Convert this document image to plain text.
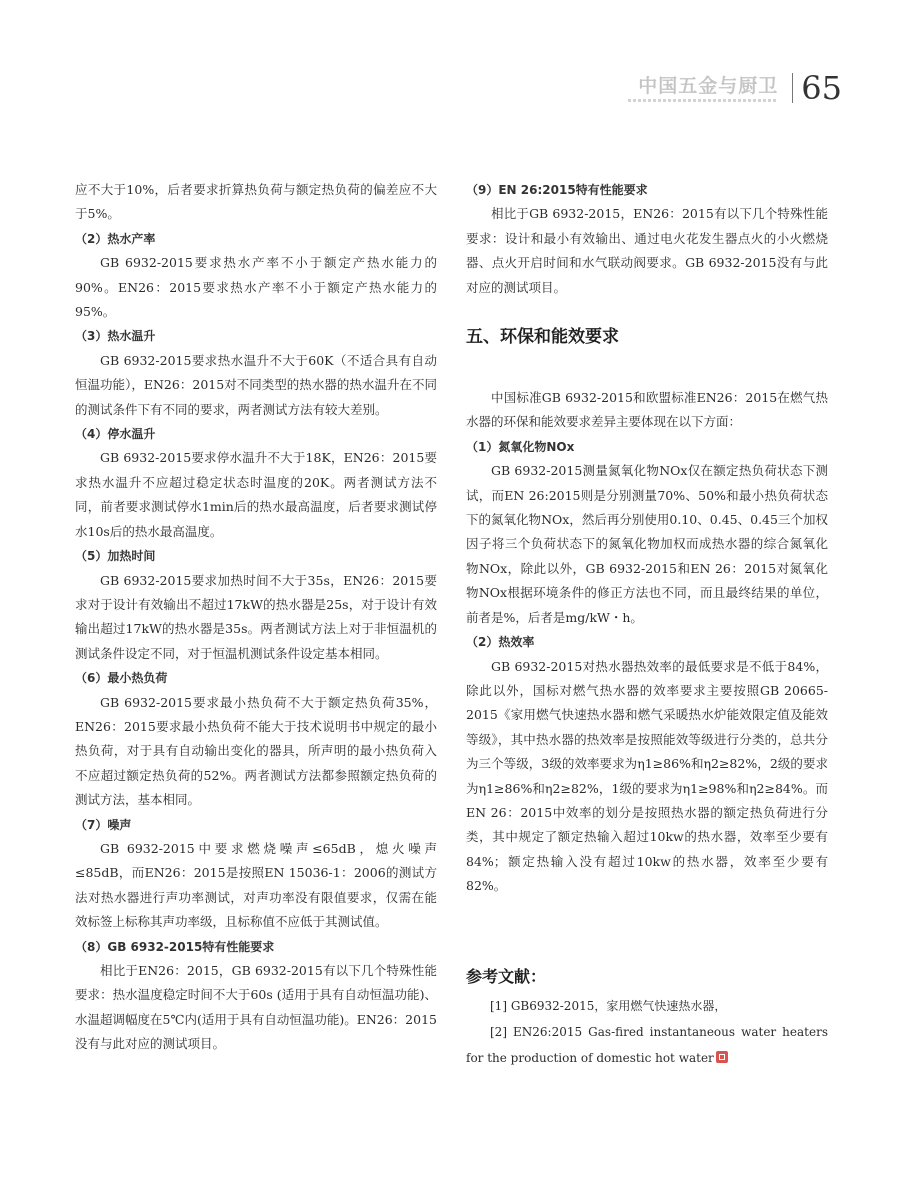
中国五金与厨卫 65

应不大于10%，后者要求折算热负荷与额定热负荷的偏差应不大于5%。

（2）热水产率

GB 6932-2015要求热水产率不小于额定产热水能力的90%。EN26：2015要求热水产率不小于额定产热水能力的95%。

（3）热水温升

GB 6932-2015要求热水温升不大于60K（不适合具有自动恒温功能），EN26：2015对不同类型的热水器的热水温升在不同的测试条件下有不同的要求，两者测试方法有较大差别。

（4）停水温升

GB 6932-2015要求停水温升不大于18K，EN26：2015要求热水温升不应超过稳定状态时温度的20K。两者测试方法不同，前者要求测试停水1min后的热水最高温度，后者要求测试停水10s后的热水最高温度。

（5）加热时间

GB 6932-2015要求加热时间不大于35s，EN26：2015要求对于设计有效输出不超过17kW的热水器是25s，对于设计有效输出超过17kW的热水器是35s。两者测试方法上对于非恒温机的测试条件设定不同，对于恒温机测试条件设定基本相同。

（6）最小热负荷

GB 6932-2015要求最小热负荷不大于额定热负荷35%，EN26：2015要求最小热负荷不能大于技术说明书中规定的最小热负荷，对于具有自动输出变化的器具，所声明的最小热负荷入不应超过额定热负荷的52%。两者测试方法都参照额定热负荷的测试方法，基本相同。

（7）噪声

GB 6932-2015中要求燃烧噪声≤65dB，熄火噪声≤85dB，而EN26：2015是按照EN 15036-1：2006的测试方法对热水器进行声功率测试，对声功率没有限值要求，仅需在能效标签上标称其声功率级，且标称值不应低于其测试值。

（8）GB 6932-2015特有性能要求

相比于EN26：2015，GB 6932-2015有以下几个特殊性能要求：热水温度稳定时间不大于60s (适用于具有自动恒温功能)、水温超调幅度在5℃内(适用于具有自动恒温功能)。EN26：2015没有与此对应的测试项目。

（9）EN 26:2015特有性能要求

相比于GB 6932-2015，EN26：2015有以下几个特殊性能要求：设计和最小有效输出、通过电火花发生器点火的小火燃烧器、点火开启时间和水气联动阀要求。GB 6932-2015没有与此对应的测试项目。

五、环保和能效要求

中国标准GB 6932-2015和欧盟标准EN26：2015在燃气热水器的环保和能效要求差异主要体现在以下方面：

（1）氮氧化物NOx

GB 6932-2015测量氮氧化物NOx仅在额定热负荷状态下测试，而EN 26:2015则是分别测量70%、50%和最小热负荷状态下的氮氧化物NOx，然后再分别使用0.10、0.45、0.45三个加权因子将三个负荷状态下的氮氧化物加权而成热水器的综合氮氧化物NOx，除此以外，GB 6932-2015和EN 26：2015对氮氧化物NOx根据环境条件的修正方法也不同，而且最终结果的单位，前者是%，后者是mg/kW・h。

（2）热效率

GB 6932-2015对热水器热效率的最低要求是不低于84%，除此以外，国标对燃气热水器的效率要求主要按照GB 20665-2015《家用燃气快速热水器和燃气采暖热水炉能效限定值及能效等级》，其中热水器的热效率是按照能效等级进行分类的，总共分为三个等级，3级的效率要求为η1≥86%和η2≥82%，2级的要求为η1≥86%和η2≥82%，1级的要求为η1≥98%和η2≥84%。而EN 26：2015中效率的划分是按照热水器的额定热负荷进行分类，其中规定了额定热输入超过10kw的热水器，效率至少要有84%；额定热输入没有超过10kw的热水器，效率至少要有82%。

参考文献：

[1] GB6932-2015，家用燃气快速热水器，

[2] EN26:2015 Gas-fired instantaneous water heaters for the production of domestic hot water
